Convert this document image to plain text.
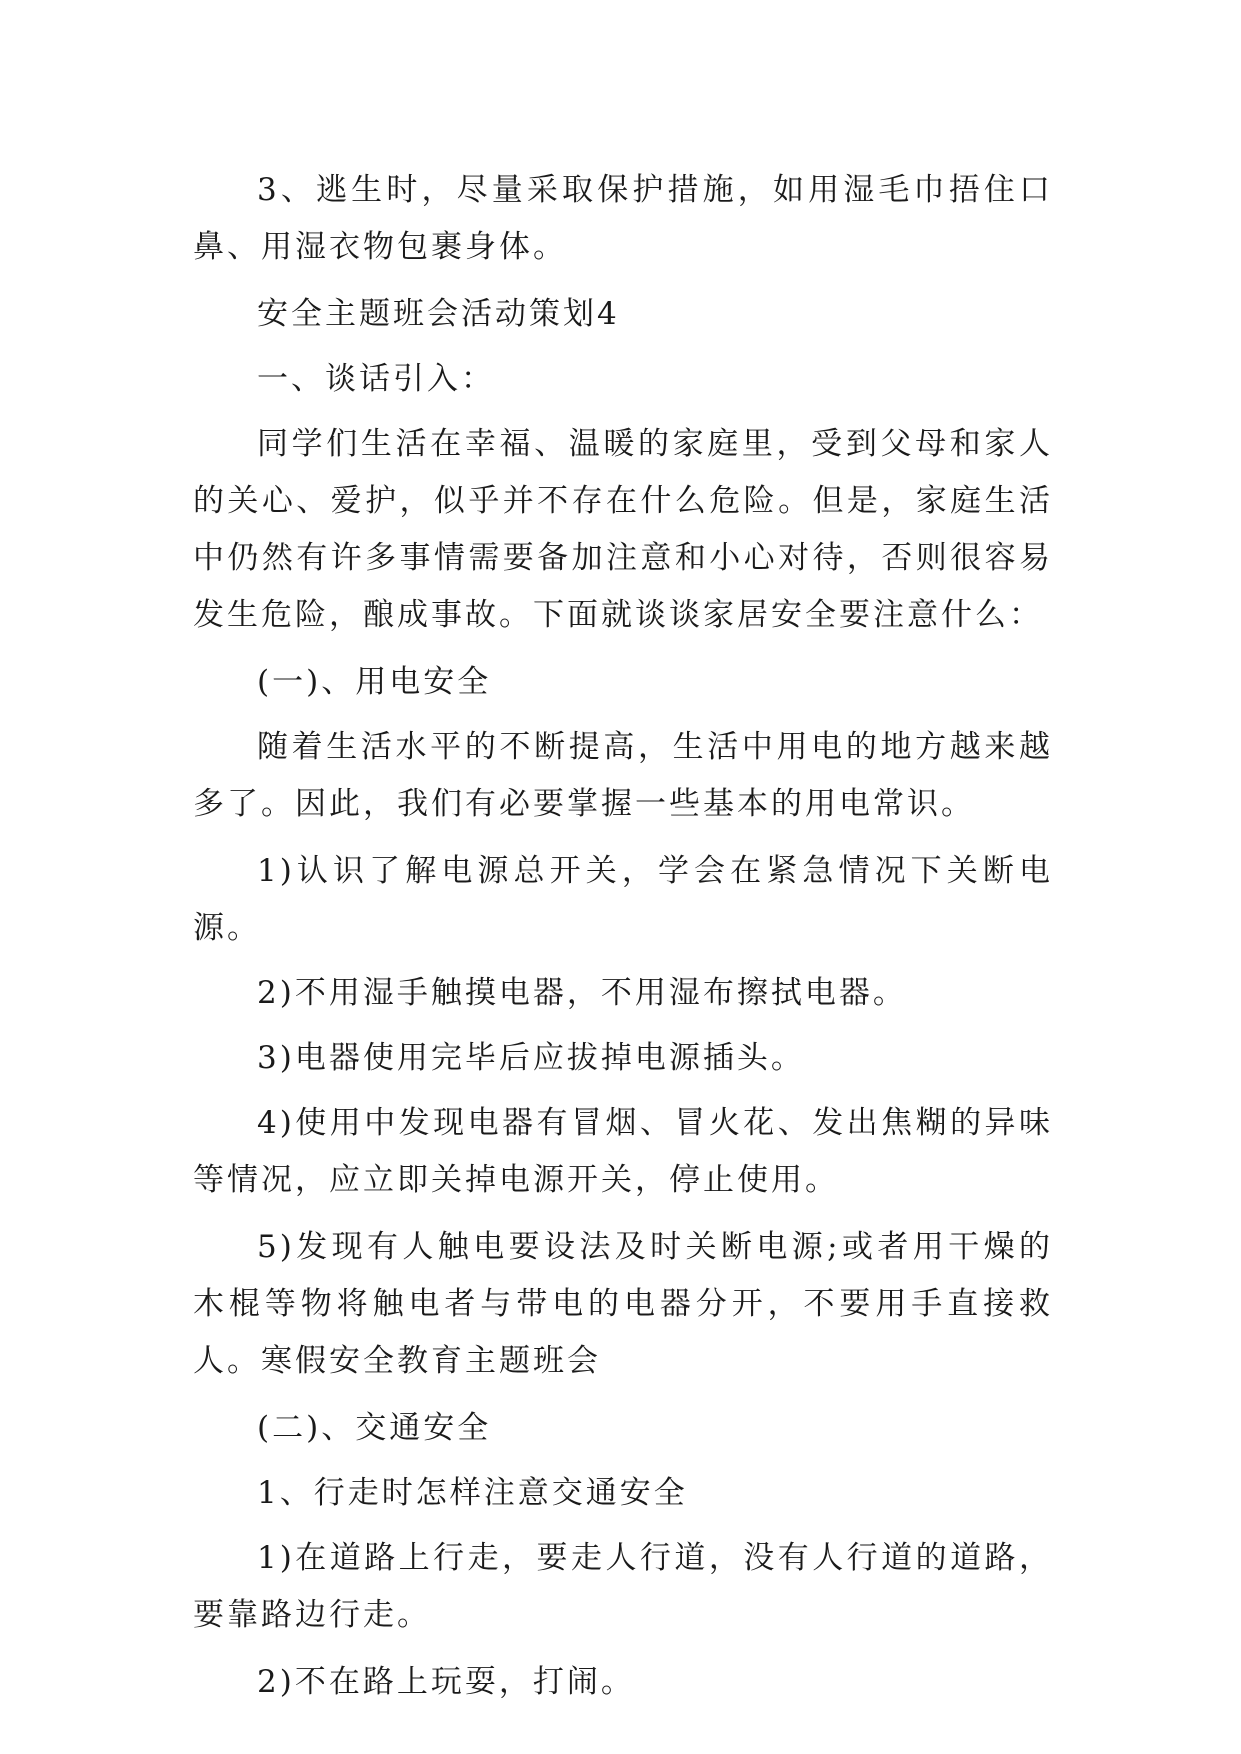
3、逃生时，尽量采取保护措施，如用湿毛巾捂住口鼻、用湿衣物包裹身体。

安全主题班会活动策划4

一、谈话引入：

同学们生活在幸福、温暖的家庭里，受到父母和家人的关心、爱护，似乎并不存在什么危险。但是，家庭生活中仍然有许多事情需要备加注意和小心对待，否则很容易发生危险，酿成事故。下面就谈谈家居安全要注意什么：

(一)、用电安全

随着生活水平的不断提高，生活中用电的地方越来越多了。因此，我们有必要掌握一些基本的用电常识。

1)认识了解电源总开关，学会在紧急情况下关断电源。

2)不用湿手触摸电器，不用湿布擦拭电器。

3)电器使用完毕后应拔掉电源插头。

4)使用中发现电器有冒烟、冒火花、发出焦糊的异味等情况，应立即关掉电源开关，停止使用。

5)发现有人触电要设法及时关断电源;或者用干燥的木棍等物将触电者与带电的电器分开，不要用手直接救人。寒假安全教育主题班会

(二)、交通安全

1、行走时怎样注意交通安全

1)在道路上行走，要走人行道，没有人行道的道路，要靠路边行走。

2)不在路上玩耍，打闹。
